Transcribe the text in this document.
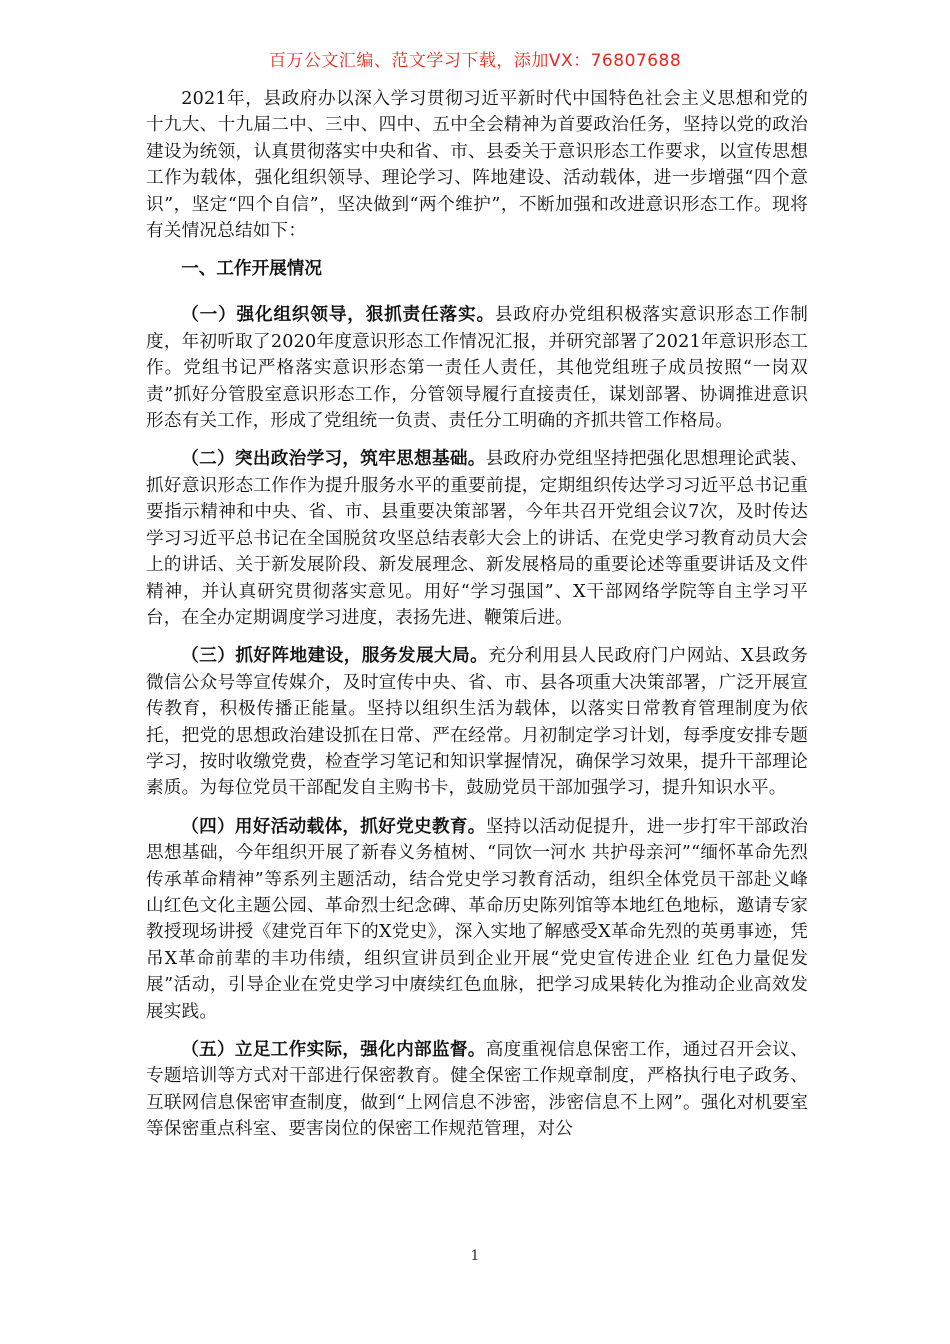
百万公文汇编、范文学习下载，添加VX：76807688

2021年，县政府办以深入学习贯彻习近平新时代中国特色社会主义思想和党的十九大、十九届二中、三中、四中、五中全会精神为首要政治任务，坚持以党的政治建设为统领，认真贯彻落实中央和省、市、县委关于意识形态工作要求，以宣传思想工作为载体，强化组织领导、理论学习、阵地建设、活动载体，进一步增强“四个意识”，坚定“四个自信”，坚决做到“两个维护”，不断加强和改进意识形态工作。现将有关情况总结如下：

一、工作开展情况

（一）强化组织领导，狠抓责任落实。县政府办党组积极落实意识形态工作制度，年初听取了2020年度意识形态工作情况汇报，并研究部署了2021年意识形态工作。党组书记严格落实意识形态第一责任人责任，其他党组班子成员按照“一岗双责”抓好分管股室意识形态工作，分管领导履行直接责任，谋划部署、协调推进意识形态有关工作，形成了党组统一负责、责任分工明确的齐抓共管工作格局。

（二）突出政治学习，筑牢思想基础。县政府办党组坚持把强化思想理论武装、抓好意识形态工作作为提升服务水平的重要前提，定期组织传达学习习近平总书记重要指示精神和中央、省、市、县重要决策部署，今年共召开党组会议7次，及时传达学习习近平总书记在全国脱贫攻坚总结表彰大会上的讲话、在党史学习教育动员大会上的讲话、关于新发展阶段、新发展理念、新发展格局的重要论述等重要讲话及文件精神，并认真研究贯彻落实意见。用好“学习强国”、X干部网络学院等自主学习平台，在全办定期调度学习进度，表扬先进、鞭策后进。

（三）抓好阵地建设，服务发展大局。充分利用县人民政府门户网站、X县政务微信公众号等宣传媒介，及时宣传中央、省、市、县各项重大决策部署，广泛开展宣传教育，积极传播正能量。坚持以组织生活为载体，以落实日常教育管理制度为依托，把党的思想政治建设抓在日常、严在经常。月初制定学习计划，每季度安排专题学习，按时收缴党费，检查学习笔记和知识掌握情况，确保学习效果，提升干部理论素质。为每位党员干部配发自主购书卡，鼓励党员干部加强学习，提升知识水平。

（四）用好活动载体，抓好党史教育。坚持以活动促提升，进一步打牢干部政治思想基础，今年组织开展了新春义务植树、“同饮一河水 共护母亲河”“缅怀革命先烈　传承革命精神”等系列主题活动，结合党史学习教育活动，组织全体党员干部赴义峰山红色文化主题公园、革命烈士纪念碑、革命历史陈列馆等本地红色地标，邀请专家教授现场讲授《建党百年下的X党史》，深入实地了解感受X革命先烈的英勇事迹，凭吊X革命前辈的丰功伟绩，组织宣讲员到企业开展“党史宣传进企业 红色力量促发展”活动，引导企业在党史学习中赓续红色血脉，把学习成果转化为推动企业高效发展实践。

（五）立足工作实际，强化内部监督。高度重视信息保密工作，通过召开会议、专题培训等方式对干部进行保密教育。健全保密工作规章制度，严格执行电子政务、互联网信息保密审查制度，做到“上网信息不涉密，涉密信息不上网”。强化对机要室等保密重点科室、要害岗位的保密工作规范管理，对公

1
